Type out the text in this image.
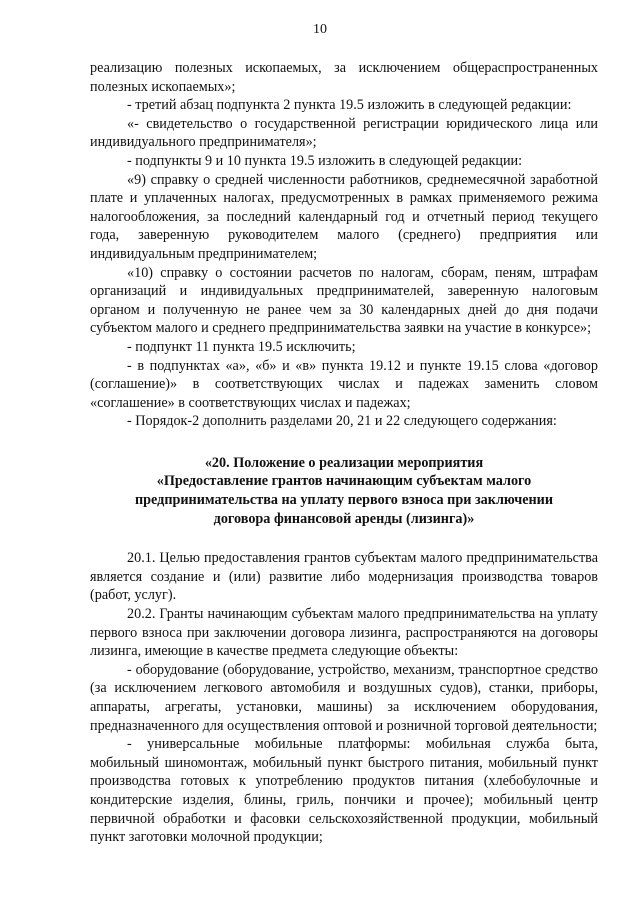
10

реализацию полезных ископаемых, за исключением общераспространенных полезных ископаемых»;

- третий абзац подпункта 2 пункта 19.5 изложить в следующей редакции:

«- свидетельство о государственной регистрации юридического лица или индивидуального предпринимателя»;

- подпункты 9 и 10 пункта 19.5 изложить в следующей редакции:

«9) справку о средней численности работников, среднемесячной заработной плате и уплаченных налогах, предусмотренных в рамках применяемого режима налогообложения, за последний календарный год и отчетный период текущего года, заверенную руководителем малого (среднего) предприятия или индивидуальным предпринимателем;

«10) справку о состоянии расчетов по налогам, сборам, пеням, штрафам организаций и индивидуальных предпринимателей, заверенную налоговым органом и полученную не ранее чем за 30 календарных дней до дня подачи субъектом малого и среднего предпринимательства заявки на участие в конкурсе»;

- подпункт 11 пункта 19.5 исключить;

- в подпунктах «а», «б» и «в» пункта 19.12 и пункте 19.15 слова «договор (соглашение)» в соответствующих числах и падежах заменить словом «соглашение» в соответствующих числах и падежах;

- Порядок-2 дополнить разделами 20, 21 и 22 следующего содержания:

«20. Положение о реализации мероприятия
«Предоставление грантов начинающим субъектам малого
предпринимательства на уплату первого взноса при заключении
договора финансовой аренды (лизинга)»

20.1. Целью предоставления грантов субъектам малого предпринимательства является создание и (или) развитие либо модернизация производства товаров (работ, услуг).

20.2. Гранты начинающим субъектам малого предпринимательства на уплату первого взноса при заключении договора лизинга, распространяются на договоры лизинга, имеющие в качестве предмета следующие объекты:

- оборудование (оборудование, устройство, механизм, транспортное средство (за исключением легкового автомобиля и воздушных судов), станки, приборы, аппараты, агрегаты, установки, машины) за исключением оборудования, предназначенного для осуществления оптовой и розничной торговой деятельности;

- универсальные мобильные платформы: мобильная служба быта, мобильный шиномонтаж, мобильный пункт быстрого питания, мобильный пункт производства готовых к употреблению продуктов питания (хлебобулочные и кондитерские изделия, блины, гриль, пончики и прочее); мобильный центр первичной обработки и фасовки сельскохозяйственной продукции, мобильный пункт заготовки молочной продукции;
